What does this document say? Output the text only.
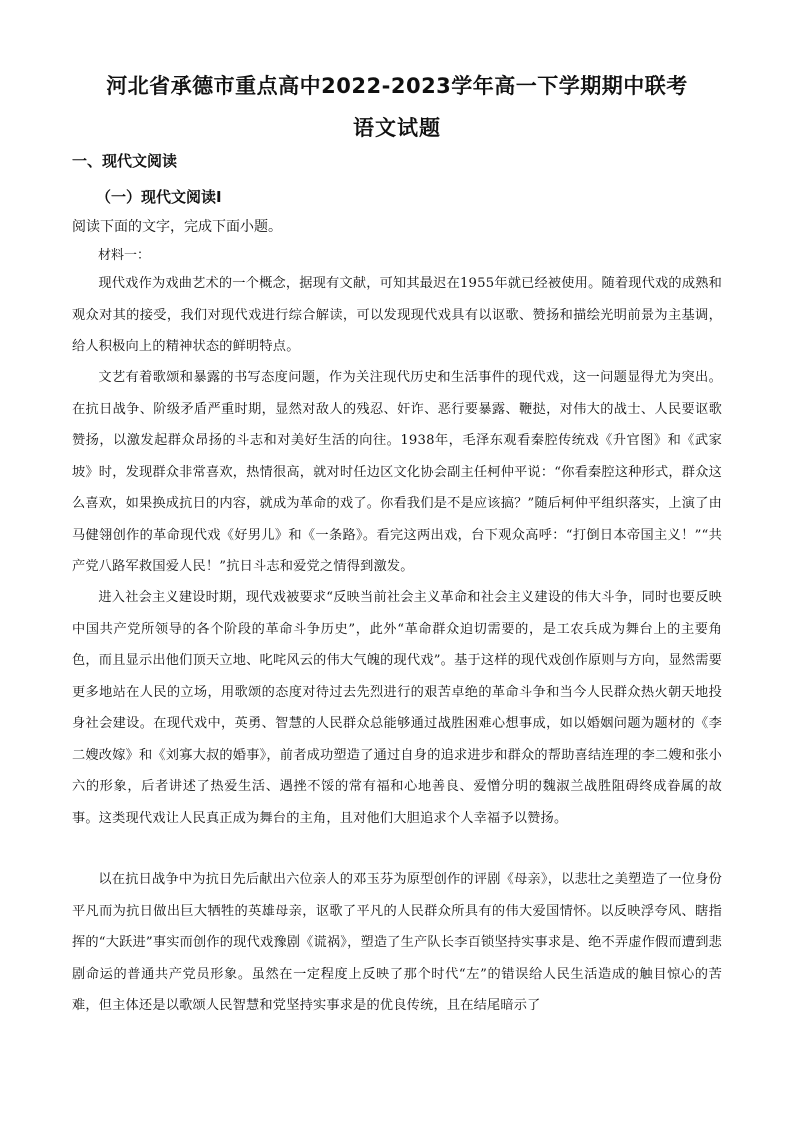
河北省承德市重点高中2022-2023学年高一下学期期中联考
语文试题
一、现代文阅读
（一）现代文阅读Ⅰ
阅读下面的文字，完成下面小题。
材料一：

现代戏作为戏曲艺术的一个概念，据现有文献，可知其最迟在1955年就已经被使用。随着现代戏的成熟和观众对其的接受，我们对现代戏进行综合解读，可以发现现代戏具有以讴歌、赞扬和描绘光明前景为主基调，给人积极向上的精神状态的鲜明特点。

文艺有着歌颂和暴露的书写态度问题，作为关注现代历史和生活事件的现代戏，这一问题显得尤为突出。在抗日战争、阶级矛盾严重时期，显然对敌人的残忍、奸诈、恶行要暴露、鞭挞，对伟大的战士、人民要讴歌赞扬，以激发起群众昂扬的斗志和对美好生活的向往。1938年，毛泽东观看秦腔传统戏《升官图》和《武家坡》时，发现群众非常喜欢，热情很高，就对时任边区文化协会副主任柯仲平说：“你看秦腔这种形式，群众这么喜欢，如果换成抗日的内容，就成为革命的戏了。你看我们是不是应该搞？”随后柯仲平组织落实，上演了由马健翎创作的革命现代戏《好男儿》和《一条路》。看完这两出戏，台下观众高呼：“打倒日本帝国主义！”“共产党八路军救国爱人民！”抗日斗志和爱党之情得到激发。

进入社会主义建设时期，现代戏被要求“反映当前社会主义革命和社会主义建设的伟大斗争，同时也要反映中国共产党所领导的各个阶段的革命斗争历史”，此外“革命群众迫切需要的，是工农兵成为舞台上的主要角色，而且显示出他们顶天立地、叱咤风云的伟大气魄的现代戏”。基于这样的现代戏创作原则与方向，显然需要更多地站在人民的立场，用歌颂的态度对待过去先烈进行的艰苦卓绝的革命斗争和当今人民群众热火朝天地投身社会建设。在现代戏中，英勇、智慧的人民群众总能够通过战胜困难心想事成，如以婚姻问题为题材的《李二嫂改嫁》和《刘寡大叔的婚事》，前者成功塑造了通过自身的追求进步和群众的帮助喜结连理的李二嫂和张小六的形象，后者讲述了热爱生活、遇挫不馁的常有福和心地善良、爱憎分明的魏淑兰战胜阻碍终成眷属的故事。这类现代戏让人民真正成为舞台的主角，且对他们大胆追求个人幸福予以赞扬。

以在抗日战争中为抗日先后献出六位亲人的邓玉芬为原型创作的评剧《母亲》，以悲壮之美塑造了一位身份平凡而为抗日做出巨大牺牲的英雄母亲，讴歌了平凡的人民群众所具有的伟大爱国情怀。以反映浮夸风、瞎指挥的“大跃进”事实而创作的现代戏豫剧《谎祸》，塑造了生产队长李百锁坚持实事求是、绝不弄虚作假而遭到悲剧命运的普通共产党员形象。虽然在一定程度上反映了那个时代“左”的错误给人民生活造成的触目惊心的苦难，但主体还是以歌颂人民智慧和党坚持实事求是的优良传统，且在结尾暗示了
